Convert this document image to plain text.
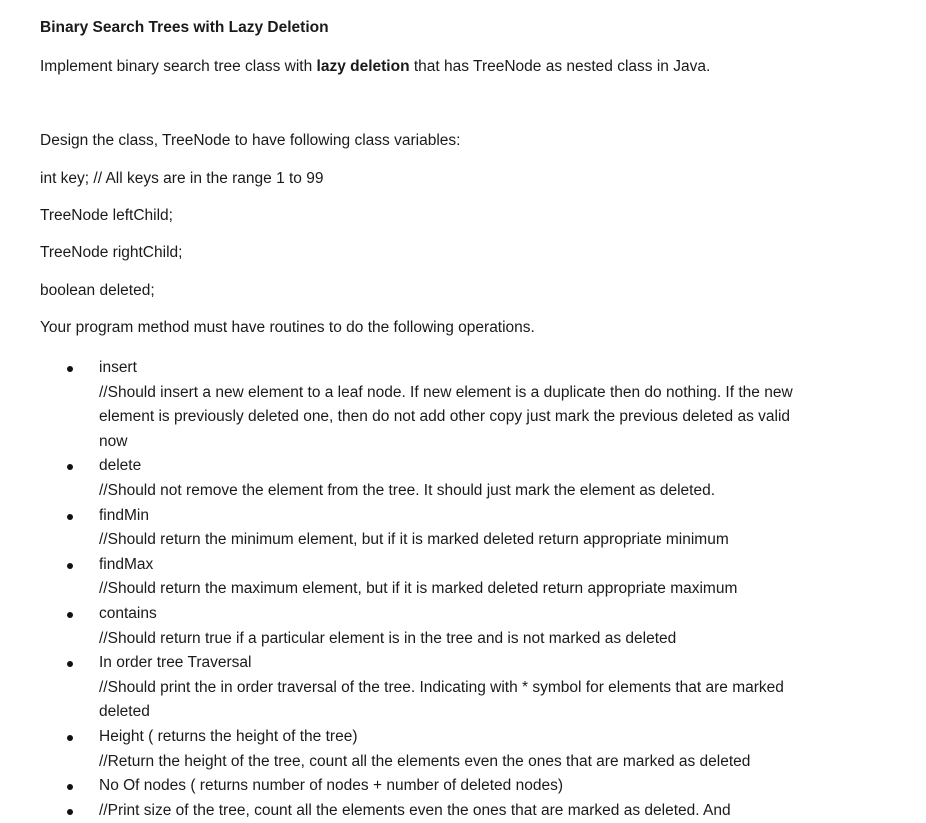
Binary Search Trees with Lazy Deletion
Implement binary search tree class with lazy deletion that has TreeNode as nested class in Java.
Design the class, TreeNode to have following class variables:
int key; // All keys are in the range 1 to 99
TreeNode leftChild;
TreeNode rightChild;
boolean deleted;
Your program method must have routines to do the following operations.
insert
//Should insert a new element to a leaf node. If new element is a duplicate then do nothing. If the new element is previously deleted one, then do not add other copy just mark the previous deleted as valid now
delete
//Should not remove the element from the tree. It should just mark the element as deleted.
findMin
//Should return the minimum element, but if it is marked deleted return appropriate minimum
findMax
//Should return the maximum element, but if it is marked deleted return appropriate maximum
contains
//Should return true if a particular element is in the tree and is not marked as deleted
In order tree Traversal
//Should print the in order traversal of the tree. Indicating with * symbol for elements that are marked deleted
Height ( returns the height of the tree)
//Return the height of the tree, count all the elements even the ones that are marked as deleted
No Of nodes ( returns number of nodes + number of deleted nodes)
//Print size of the tree, count all the elements even the ones that are marked as deleted. And
